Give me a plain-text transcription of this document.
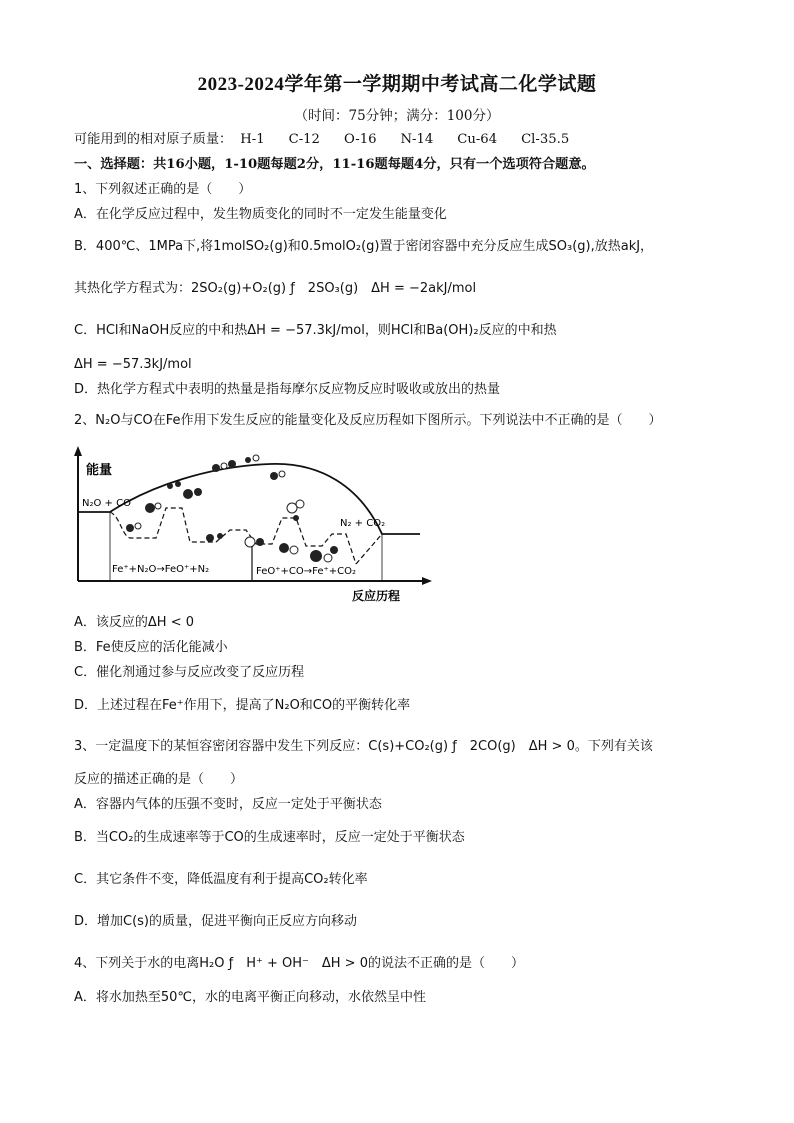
2023-2024学年第一学期期中考试高二化学试题
（时间：75分钟；满分：100分）
可能用到的相对原子质量： H-1 C-12 O-16 N-14 Cu-64 Cl-35.5
一、选择题：共16小题，1-10题每题2分，11-16题每题4分，只有一个选项符合题意。
1、下列叙述正确的是（　　）
A．在化学反应过程中，发生物质变化的同时不一定发生能量变化
B．400℃、1MPa下,将1molSO₂(g)和0.5molO₂(g)置于密闭容器中充分反应生成SO₃(g),放热akJ，
其热化学方程式为：2SO₂(g)+O₂(g) ƒ　2SO₃(g)　ΔH = −2akJ/mol
C．HCl和NaOH反应的中和热ΔH = −57.3kJ/mol，则HCl和Ba(OH)₂反应的中和热
ΔH = −57.3kJ/mol
D．热化学方程式中表明的热量是指每摩尔反应物反应时吸收或放出的热量
2、N₂O与CO在Fe作用下发生反应的能量变化及反应历程如下图所示。下列说法中不正确的是（　　）
能量
反应历程
N₂O + CO
N₂ + CO₂
Fe⁺+N₂O→FeO⁺+N₂	FeO⁺+CO→Fe⁺+CO₂
A．该反应的ΔH < 0
B．Fe使反应的活化能减小
C．催化剂通过参与反应改变了反应历程
D．上述过程在Fe⁺作用下，提高了N₂O和CO的平衡转化率
3、一定温度下的某恒容密闭容器中发生下列反应：C(s)+CO₂(g) ƒ　2CO(g)　ΔH > 0。下列有关该
反应的描述正确的是（　　）
A．容器内气体的压强不变时，反应一定处于平衡状态
B．当CO₂的生成速率等于CO的生成速率时，反应一定处于平衡状态
C．其它条件不变，降低温度有利于提高CO₂转化率
D．增加C(s)的质量，促进平衡向正反应方向移动
4、下列关于水的电离H₂O ƒ　H⁺ + OH⁻　ΔH > 0的说法不正确的是（　　）
A．将水加热至50℃，水的电离平衡正向移动，水依然呈中性
